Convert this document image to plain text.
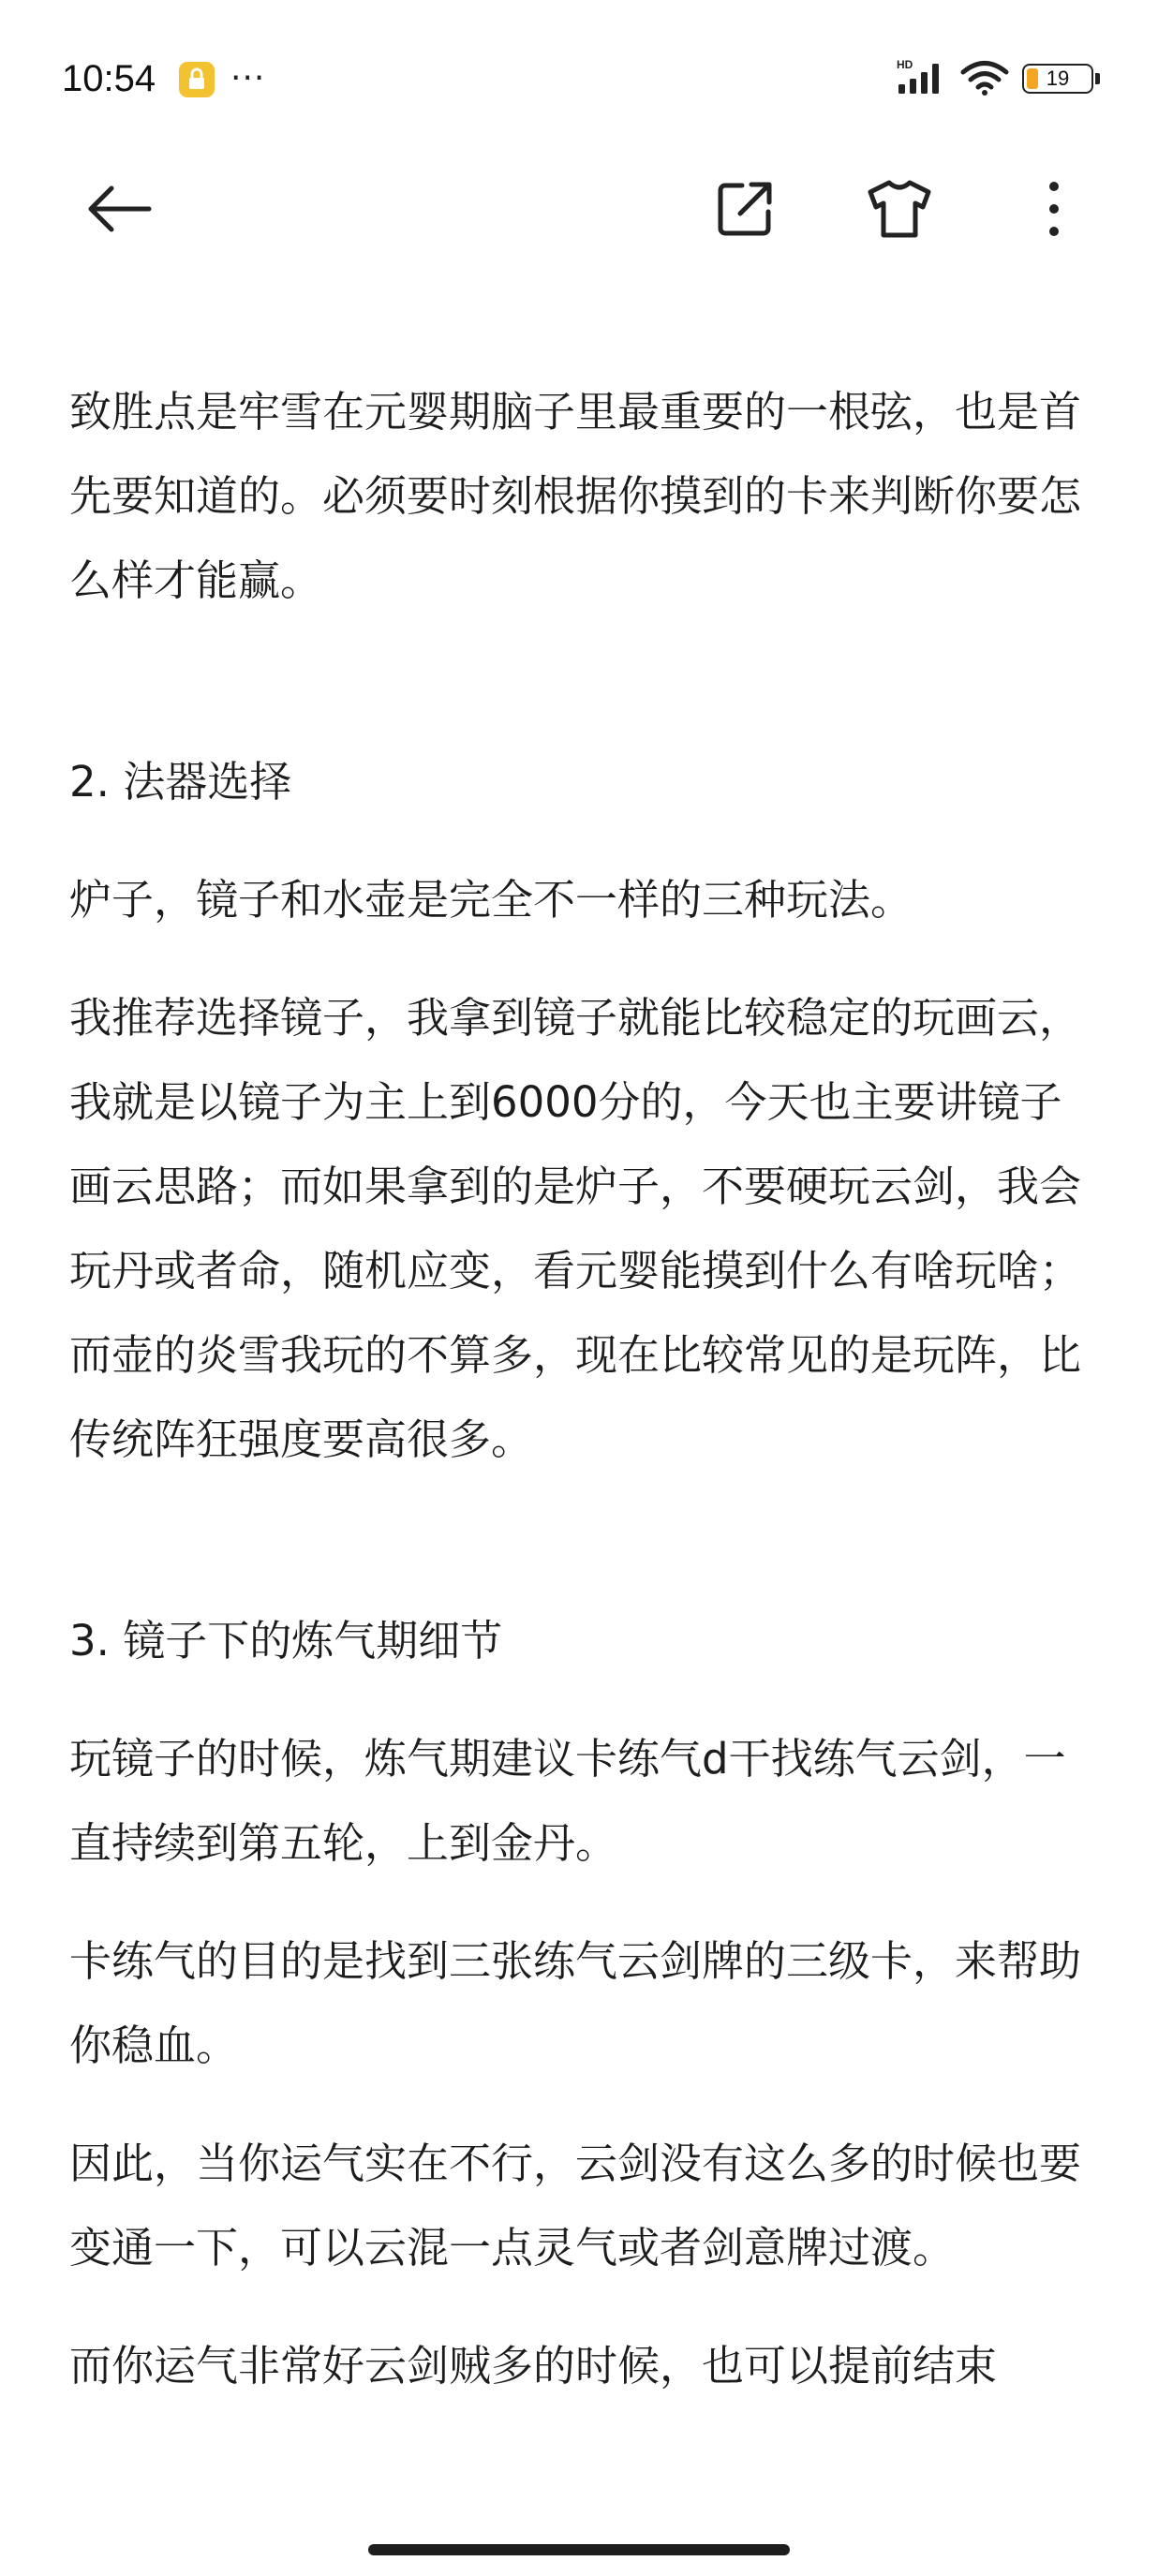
10:54 ···	HD
19

致胜点是牢雪在元婴期脑子里最重要的一根弦，也是首先要知道的。必须要时刻根据你摸到的卡来判断你要怎么样才能赢。

2. 法器选择

炉子，镜子和水壶是完全不一样的三种玩法。

我推荐选择镜子，我拿到镜子就能比较稳定的玩画云，我就是以镜子为主上到6000分的，今天也主要讲镜子画云思路；而如果拿到的是炉子，不要硬玩云剑，我会玩丹或者命，随机应变，看元婴能摸到什么有啥玩啥；而壶的炎雪我玩的不算多，现在比较常见的是玩阵，比传统阵狂强度要高很多。

3. 镜子下的炼气期细节

玩镜子的时候，炼气期建议卡练气d干找练气云剑，一直持续到第五轮，上到金丹。

卡练气的目的是找到三张练气云剑牌的三级卡，来帮助你稳血。

因此，当你运气实在不行，云剑没有这么多的时候也要变通一下，可以云混一点灵气或者剑意牌过渡。

而你运气非常好云剑贼多的时候，也可以提前结束
